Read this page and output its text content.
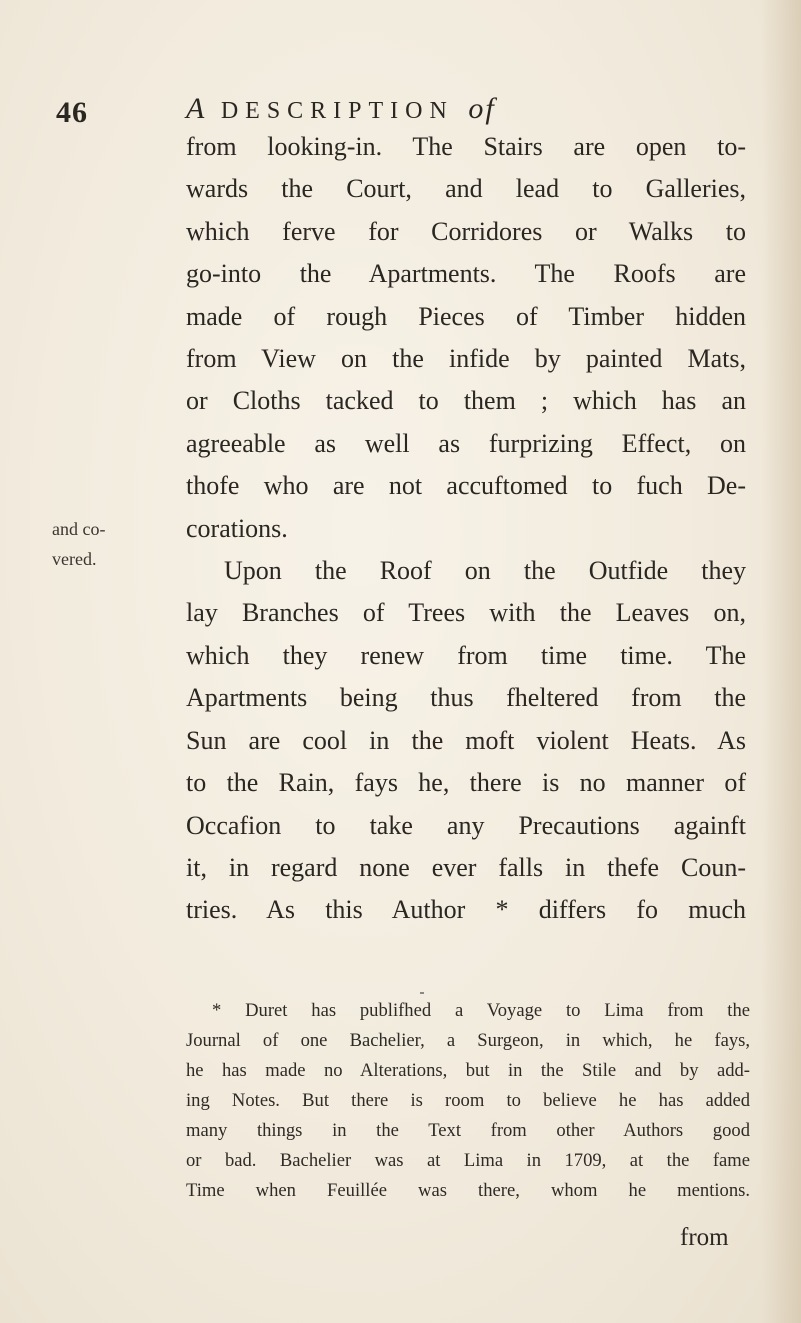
46	A DESCRIPTION of
and co-
vered.
from looking-in. The Stairs are open to-
wards the Court, and lead to Galleries,
which ferve for Corridores or Walks to
go-into the Apartments. The Roofs are
made of rough Pieces of Timber hidden
from View on the infide by painted Mats,
or Cloths tacked to them ; which has an
agreeable as well as furprizing Effect, on
thofe who are not accuftomed to fuch De-
corations.
Upon the Roof on the Outfide they
lay Branches of Trees with the Leaves on,
which they renew from time time. The
Apartments being thus fheltered from the
Sun are cool in the moft violent Heats. As
to the Rain, fays he, there is no manner of
Occafion to take any Precautions againft
it, in regard none ever falls in thefe Coun-
tries. As this Author * differs fo much
* Duret has publifhed a Voyage to Lima from the
Journal of one Bachelier, a Surgeon, in which, he fays,
he has made no Alterations, but in the Stile and by add-
ing Notes. But there is room to believe he has added
many things in the Text from other Authors good
or bad. Bachelier was at Lima in 1709, at the fame
Time when Feuillée was there, whom he mentions.
from
